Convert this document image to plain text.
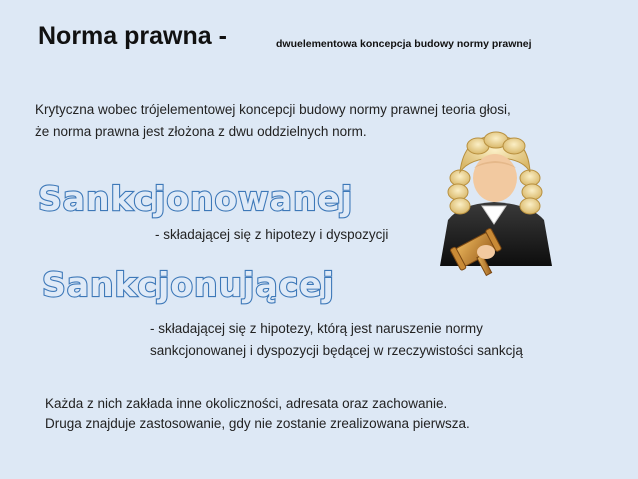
Norma prawna -	dwuelementowa koncepcja budowy normy prawnej
Krytyczna wobec trójelementowej koncepcji budowy normy prawnej teoria głosi,
że norma prawna jest złożona z dwu oddzielnych norm.
Sankcjonowanej
- składającej się z hipotezy i dyspozycji
Sankcjonującej
- składającej się z hipotezy, którą jest naruszenie normy
sankcjonowanej i dyspozycji będącej w rzeczywistości sankcją
Każda z nich zakłada inne okoliczności, adresata oraz zachowanie.
Druga znajduje zastosowanie, gdy nie zostanie zrealizowana pierwsza.
